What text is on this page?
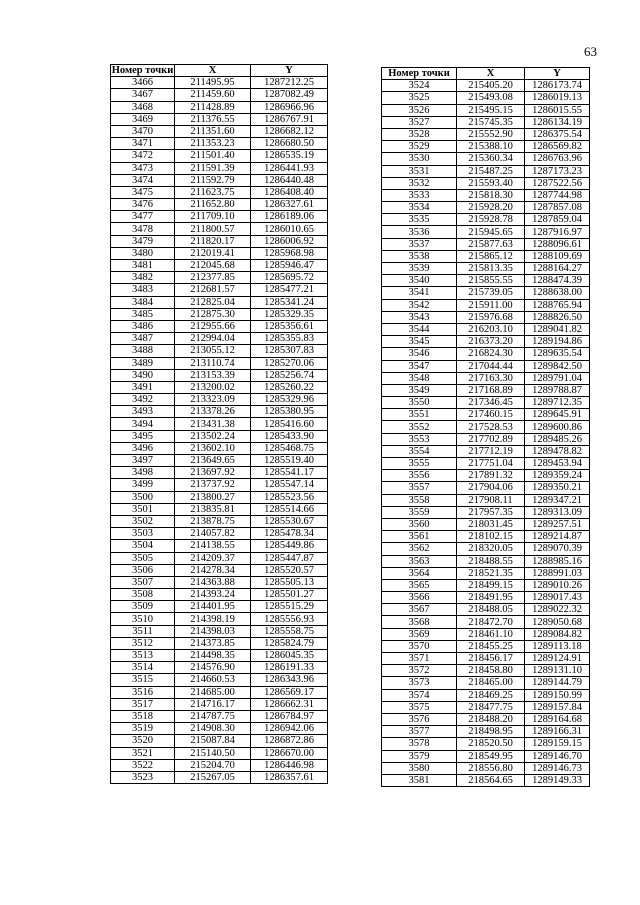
63
Номер точки	X	Y
3466	211495.95	1287212.25
3467	211459.60	1287082.49
3468	211428.89	1286966.96
3469	211376.55	1286767.91
3470	211351.60	1286682.12
3471	211353.23	1286680.50
3472	211501.40	1286535.19
3473	211591.39	1286441.93
3474	211592.79	1286440.48
3475	211623.75	1286408.40
3476	211652.80	1286327.61
3477	211709.10	1286189.06
3478	211800.57	1286010.65
3479	211820.17	1286006.92
3480	212019.41	1285968.98
3481	212045.68	1285946.47
3482	212377.85	1285695.72
3483	212681.57	1285477.21
3484	212825.04	1285341.24
3485	212875.30	1285329.35
3486	212955.66	1285356.61
3487	212994.04	1285355.83
3488	213055.12	1285307.83
3489	213110.74	1285270.06
3490	213153.39	1285256.74
3491	213200.02	1285260.22
3492	213323.09	1285329.96
3493	213378.26	1285380.95
3494	213431.38	1285416.60
3495	213502.24	1285433.90
3496	213602.10	1285468.75
3497	213649.65	1285519.40
3498	213697.92	1285541.17
3499	213737.92	1285547.14
3500	213800.27	1285523.56
3501	213835.81	1285514.66
3502	213878.75	1285530.67
3503	214057.82	1285478.34
3504	214138.55	1285449.86
3505	214209.37	1285447.87
3506	214278.34	1285520.57
3507	214363.88	1285505.13
3508	214393.24	1285501.27
3509	214401.95	1285515.29
3510	214398.19	1285556.93
3511	214398.03	1285558.75
3512	214373.85	1285824.79
3513	214498.35	1286045.35
3514	214576.90	1286191.33
3515	214660.53	1286343.96
3516	214685.00	1286569.17
3517	214716.17	1286662.31
3518	214787.75	1286784.97
3519	214908.30	1286942.06
3520	215087.84	1286872.86
3521	215140.50	1286670.00
3522	215204.70	1286446.98
3523	215267.05	1286357.61
Номер точки	X	Y
3524	215405.20	1286173.74
3525	215493.08	1286019.13
3526	215495.15	1286015.55
3527	215745.35	1286134.19
3528	215552.90	1286375.54
3529	215388.10	1286569.82
3530	215360.34	1286763.96
3531	215487.25	1287173.23
3532	215593.40	1287522.56
3533	215818.30	1287744.98
3534	215928.20	1287857.08
3535	215928.78	1287859.04
3536	215945.65	1287916.97
3537	215877.63	1288096.61
3538	215865.12	1288109.69
3539	215813.35	1288164.27
3540	215855.55	1288474.39
3541	215739.05	1288638.00
3542	215911.00	1288765.94
3543	215976.68	1288826.50
3544	216203.10	1289041.82
3545	216373.20	1289194.86
3546	216824.30	1289635.54
3547	217044.44	1289842.50
3548	217163.30	1289791.04
3549	217168.89	1289788.87
3550	217346.45	1289712.35
3551	217460.15	1289645.91
3552	217528.53	1289600.86
3553	217702.89	1289485.26
3554	217712.19	1289478.82
3555	217751.04	1289453.94
3556	217891.32	1289359.24
3557	217904.06	1289350.21
3558	217908.11	1289347.21
3559	217957.35	1289313.09
3560	218031.45	1289257.51
3561	218102.15	1289214.87
3562	218320.05	1289070.39
3563	218488.55	1288985.16
3564	218521.35	1288991.03
3565	218499.15	1289010.26
3566	218491.95	1289017.43
3567	218488.05	1289022.32
3568	218472.70	1289050.68
3569	218461.10	1289084.82
3570	218455.25	1289113.18
3571	218456.17	1289124.91
3572	218458.80	1289131.10
3573	218465.00	1289144.79
3574	218469.25	1289150.99
3575	218477.75	1289157.84
3576	218488.20	1289164.68
3577	218498.95	1289166.31
3578	218520.50	1289159.15
3579	218549.95	1289146.70
3580	218556.80	1289146.73
3581	218564.65	1289149.33
